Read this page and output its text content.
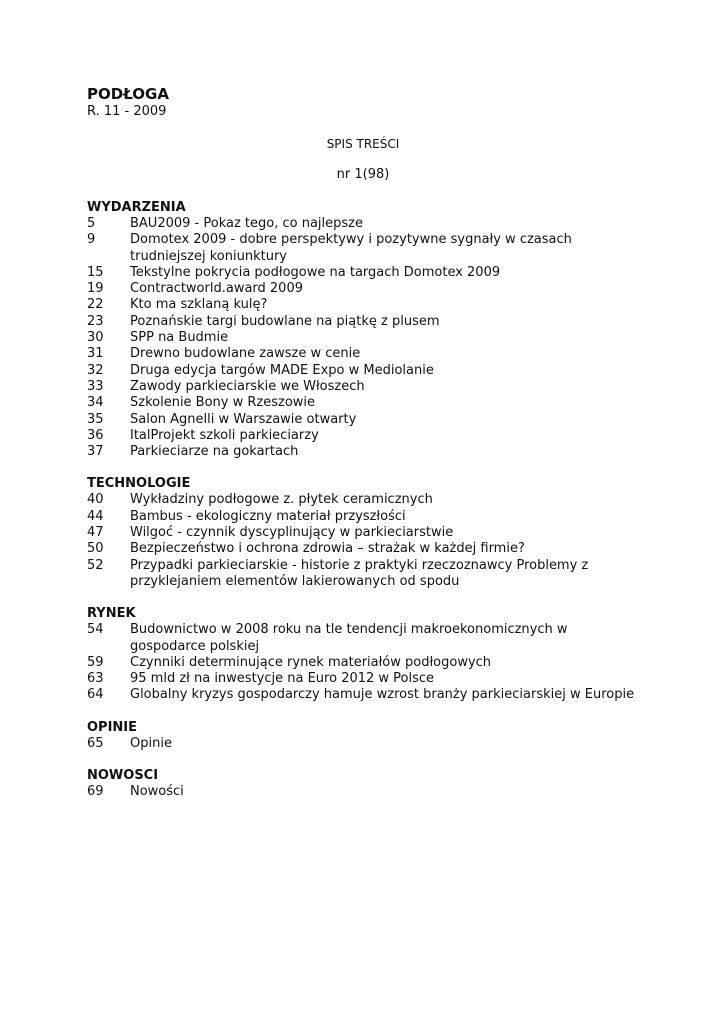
PODŁOGA

R. 11 - 2009

SPIS TREŚCI
nr 1(98)
WYDARZENIA
5	BAU2009 - Pokaz tego, co najlepsze
9	Domotex 2009 - dobre perspektywy i pozytywne sygnały w czasach trudniejszej koniunktury
15	Tekstylne pokrycia podłogowe na targach Domotex 2009
19	Contractworld.award 2009
22	Kto ma szklaną kulę?
23	Poznańskie targi budowlane na piątkę z plusem
30	SPP na Budmie
31	Drewno budowlane zawsze w cenie
32	Druga edycja targów MADE Expo w Mediolanie
33	Zawody parkieciarskie we Włoszech
34	Szkolenie Bony w Rzeszowie
35	Salon Agnelli w Warszawie otwarty
36	ItalProjekt szkoli parkieciarzy
37	Parkieciarze na gokartach
TECHNOLOGIE
40	Wykładziny podłogowe z. płytek ceramicznych
44	Bambus - ekologiczny materiał przyszłości
47	Wilgoć - czynnik dyscyplinujący w parkieciarstwie
50	Bezpieczeństwo i ochrona zdrowia – strażak w każdej firmie?
52	Przypadki parkieciarskie - historie z praktyki rzeczoznawcy Problemy z przyklejaniem elementów lakierowanych od spodu
RYNEK
54	Budownictwo w 2008 roku na tle tendencji makroekonomicznych w gospodarce polskiej
59	Czynniki determinujące rynek materiałów podłogowych
63	95 mld zł na inwestycje na Euro 2012 w Polsce
64	Globalny kryzys gospodarczy hamuje wzrost branży parkieciarskiej w Europie
OPINIE
65	Opinie
NOWOSCI
69	Nowości
